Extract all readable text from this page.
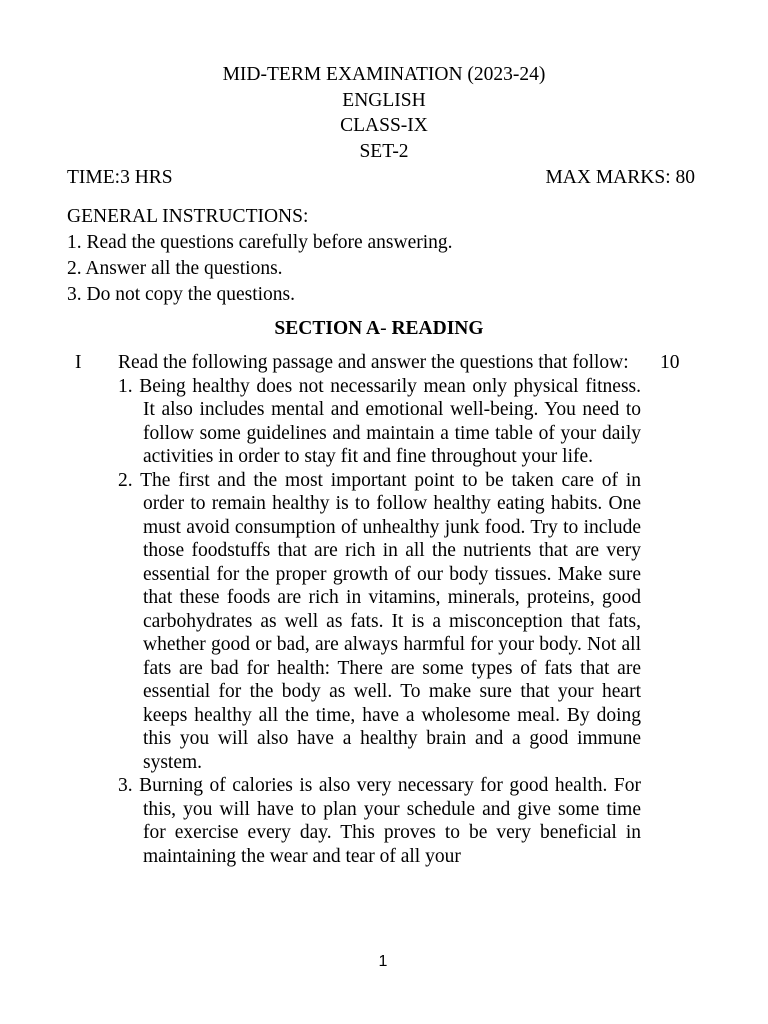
MID-TERM EXAMINATION (2023-24)
ENGLISH
CLASS-IX
SET-2
TIME:3 HRS	MAX MARKS: 80
GENERAL INSTRUCTIONS:
1. Read the questions carefully before answering.
2. Answer all the questions.
3. Do not copy the questions.
SECTION A- READING
I	10
Read the following passage and answer the questions that follow:

1. Being healthy does not necessarily mean only physical fitness. It also includes mental and emotional well-being. You need to follow some guidelines and maintain a time table of your daily activities in order to stay fit and fine throughout your life.

2. The first and the most important point to be taken care of in order to remain healthy is to follow healthy eating habits. One must avoid consumption of unhealthy junk food. Try to include those foodstuffs that are rich in all the nutrients that are very essential for the proper growth of our body tissues. Make sure that these foods are rich in vitamins, minerals, proteins, good carbohydrates as well as fats. It is a misconception that fats, whether good or bad, are always harmful for your body. Not all fats are bad for health: There are some types of fats that are essential for the body as well. To make sure that your heart keeps healthy all the time, have a wholesome meal. By doing this you will also have a healthy brain and a good immune system.

3. Burning of calories is also very necessary for good health. For this, you will have to plan your schedule and give some time for exercise every day. This proves to be very beneficial in maintaining the wear and tear of all your

1
